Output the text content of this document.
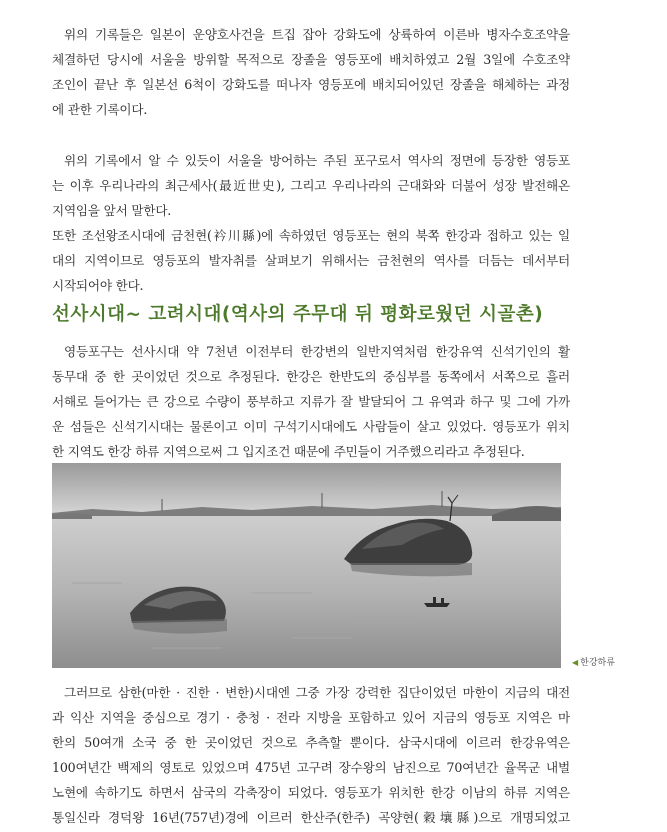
위의 기록들은 일본이 운양호사건을 트집 잡아 강화도에 상륙하여 이른바 병자수호조약을
체결하던 당시에 서울을 방위할 목적으로 장졸을 영등포에 배치하였고 2월 3일에 수호조약
조인이 끝난 후 일본선 6척이 강화도를 떠나자 영등포에 배치되어있던 장졸을 해체하는 과정
에 관한 기록이다.
위의 기록에서 알 수 있듯이 서울을 방어하는 주된 포구로서 역사의 정면에 등장한 영등포
는 이후 우리나라의 최근세사(最近世史), 그리고 우리나라의 근대화와 더불어 성장 발전해온
지역임을 앞서 말한다.
또한 조선왕조시대에 금천현(衿川縣)에 속하였던 영등포는 현의 북쪽 한강과 접하고 있는 일
대의 지역이므로 영등포의 발자취를 살펴보기 위해서는 금천현의 역사를 더듬는 데서부터
시작되어야 한다.
선사시대~ 고려시대(역사의 주무대 뒤 평화로웠던 시골촌)
영등포구는 선사시대 약 7천년 이전부터 한강변의 일반지역처럼 한강유역 신석기인의 활
동무대 중 한 곳이었던 것으로 추정된다. 한강은 한반도의 중심부를 동쪽에서 서쪽으로 흘러
서해로 들어가는 큰 강으로 수량이 풍부하고 지류가 잘 발달되어 그 유역과 하구 및 그에 가까
운 섬들은 신석기시대는 물론이고 이미 구석기시대에도 사람들이 살고 있었다. 영등포가 위치
한 지역도 한강 하류 지역으로써 그 입지조건 때문에 주민들이 거주했으리라고 추정된다.
◀ 한강하류
그러므로 삼한(마한 · 진한 · 변한)시대엔 그중 가장 강력한 집단이었던 마한이 지금의 대전
과 익산 지역을 중심으로 경기 · 충청 · 전라 지방을 포함하고 있어 지금의 영등포 지역은 마
한의 50여개 소국 중 한 곳이었던 것으로 추측할 뿐이다. 삼국시대에 이르러 한강유역은
100여년간 백제의 영토로 있었으며 475년 고구려 장수왕의 남진으로 70여년간 율목군 내벌
노현에 속하기도 하면서 삼국의 각축장이 되었다. 영등포가 위치한 한강 이남의 하류 지역은
통일신라 경덕왕 16년(757년)경에 이르러 한산주(한주) 곡양현(穀壤縣)으로 개명되었고
